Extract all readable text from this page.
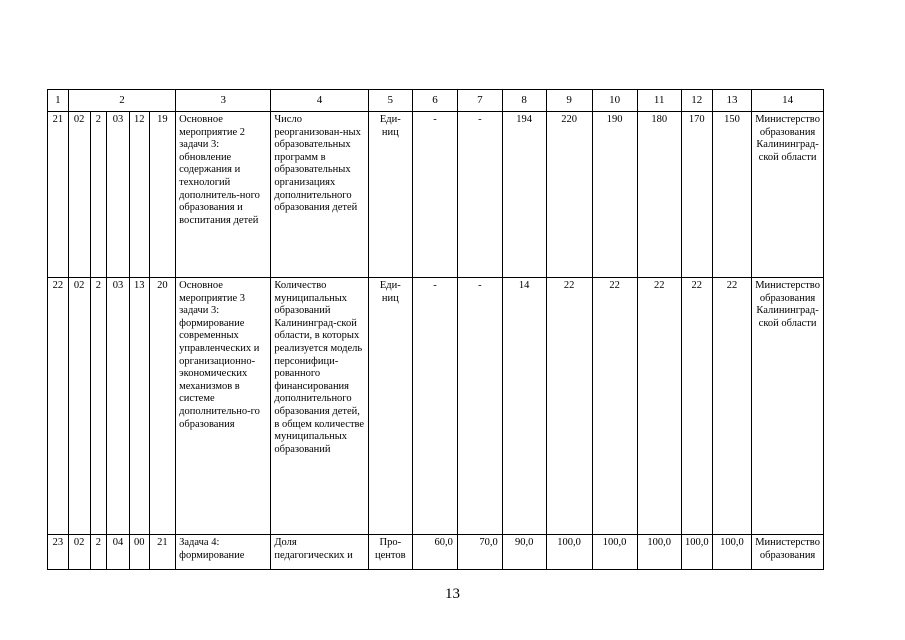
1	2					3	4	5	6	7	8	9	10	11	12	13	14
21	02	2	03	12	19	Основное мероприятие 2 задачи 3: обновление содержания и технологий дополнитель-ного образования и воспитания детей	Число реорганизован-ных образовательных программ в образовательных организациях дополнительного образования детей	Еди-ниц	-	-	194	220	190	180	170	150	Министерство образования Калининград-ской области
22	02	2	03	13	20	Основное мероприятие 3 задачи 3: формирование современных управленческих и организационно-экономических механизмов в системе дополнительно-го образования	Количество муниципальных образований Калининград-ской области, в которых реализуется модель персонифици-рованного финансирования дополнительного образования детей, в общем количестве муниципальных образований	Еди-ниц	-	-	14	22	22	22	22	22	Министерство образования Калининград-ской области
23	02	2	04	00	21	Задача 4: формирование	Доля педагогических и	Про-центов	60,0	70,0	90,0	100,0	100,0	100,0	100,0	100,0	Министерство образования
13
